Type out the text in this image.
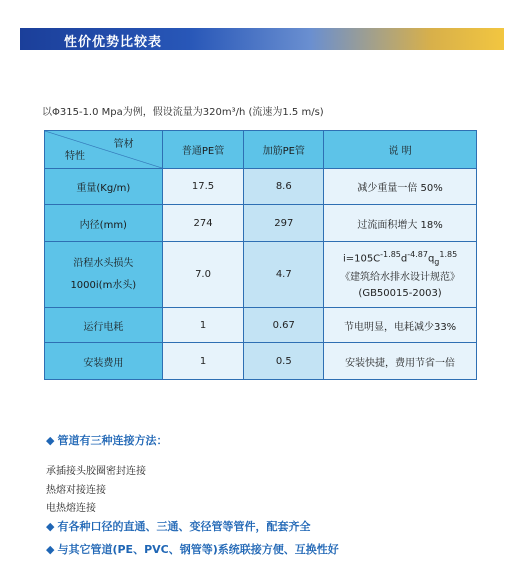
性价优势比较表
以Φ315-1.0 Mpa为例，假设流量为320m³/h (流速为1.5 m/s)
管材
特性	普通PE管	加筋PE管	说 明
重量(Kg/m)	17.5	8.6	减少重量一倍 50%
内径(mm)	274	297	过流面积增大 18%

沿程水头损失
1000i(m水头)	7.0	4.7	$i=105C^{-1.85}d^{-4.87}q_g^{1.85}$
《建筑给水排水设计规范》
(GB50015-2003)

运行电耗	1	0.67	节电明显，电耗减少33%
安装费用	1	0.5	安装快捷，费用节省一倍
◆ 管道有三种连接方法：
承插接头胶圈密封连接
热熔对接连接
电热熔连接
◆ 有各种口径的直通、三通、变径管等管件，配套齐全
◆ 与其它管道(PE、PVC、钢管等)系统联接方便、互换性好
